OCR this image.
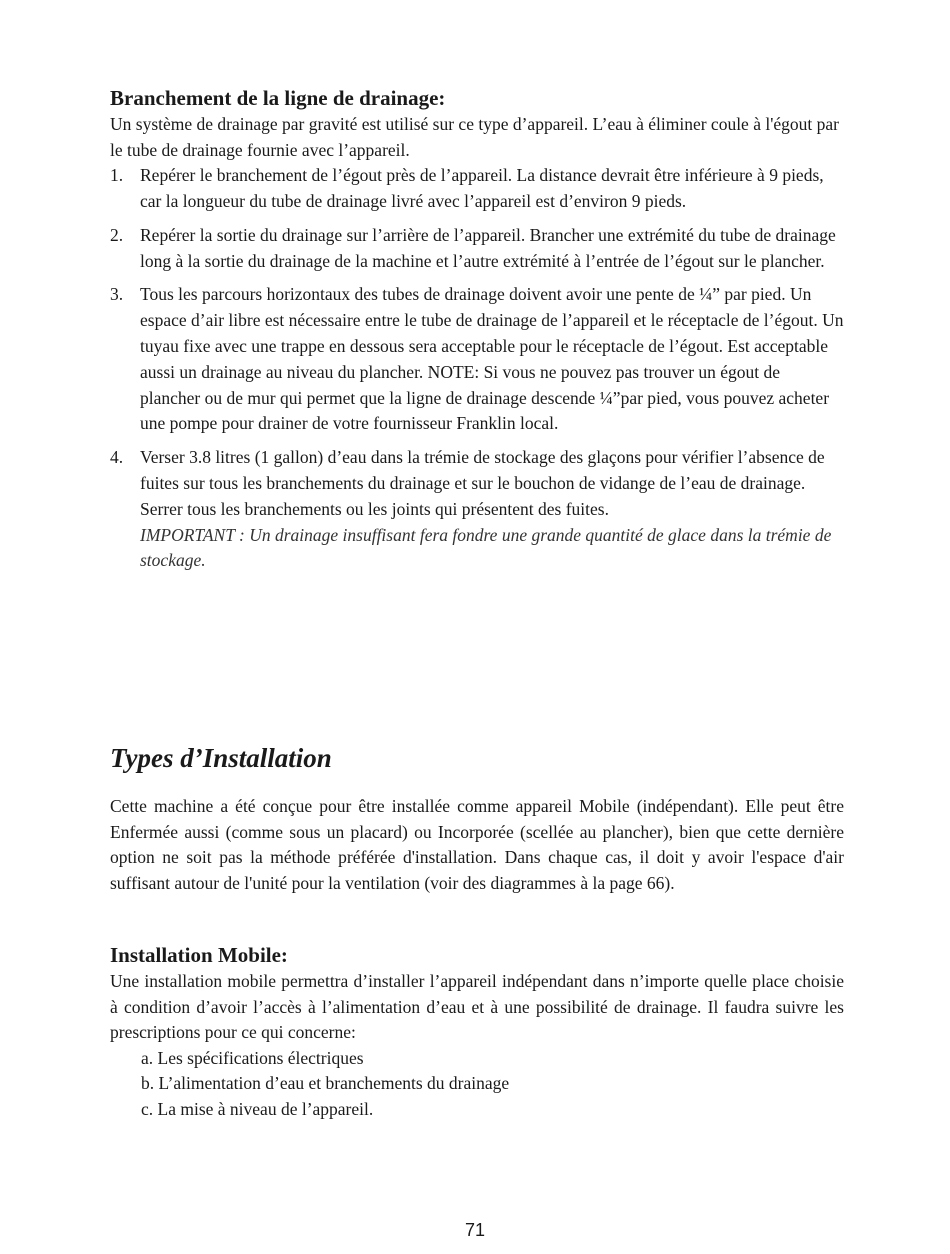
Branchement de la ligne de drainage:

Un système de drainage par gravité est utilisé sur ce type d’appareil. L’eau à éliminer coule à l'égout par le tube de drainage fournie avec l’appareil.

1. Repérer le branchement de l’égout près de l’appareil. La distance devrait être inférieure à 9 pieds, car la longueur du tube de drainage livré avec l’appareil est d’environ 9 pieds.
2. Repérer la sortie du drainage sur l’arrière de l’appareil. Brancher une extrémité du tube de drainage long à la sortie du drainage de la machine et l’autre extrémité à l’entrée de l’égout sur le plancher.
3. Tous les parcours horizontaux des tubes de drainage doivent avoir une pente de ¼” par pied. Un espace d’air libre est nécessaire entre le tube de drainage de l’appareil et le réceptacle de l’égout. Un tuyau fixe avec une trappe en dessous sera acceptable pour le réceptacle de l’égout. Est acceptable aussi un drainage au niveau du plancher. NOTE: Si vous ne pouvez pas trouver un égout de plancher ou de mur qui permet que la ligne de drainage descende ¼”par pied, vous pouvez acheter une pompe pour drainer de votre fournisseur Franklin local.
4. Verser 3.8 litres (1 gallon) d’eau dans la trémie de stockage des glaçons pour vérifier l’absence de fuites sur tous les branchements du drainage et sur le bouchon de vidange de l’eau de drainage. Serrer tous les branchements ou les joints qui présentent des fuites.
IMPORTANT : Un drainage insuffisant fera fondre une grande quantité de glace dans la trémie de stockage.
Types d’Installation

Cette machine a été conçue pour être installée comme appareil Mobile (indépendant). Elle peut être Enfermée aussi (comme sous un placard) ou Incorporée (scellée au plancher), bien que cette dernière option ne soit pas la méthode préférée d'installation. Dans chaque cas, il doit y avoir l'espace d'air suffisant autour de l'unité pour la ventilation (voir des diagrammes à la page 66).

Installation Mobile:

Une installation mobile permettra d’installer l’appareil indépendant dans n’importe quelle place choisie à condition d’avoir l’accès à l’alimentation d’eau et à une possibilité de drainage. Il faudra suivre les prescriptions pour ce qui concerne:

a. Les spécifications électriques
b. L’alimentation d’eau et branchements du drainage
c. La mise à niveau de l’appareil.
71
